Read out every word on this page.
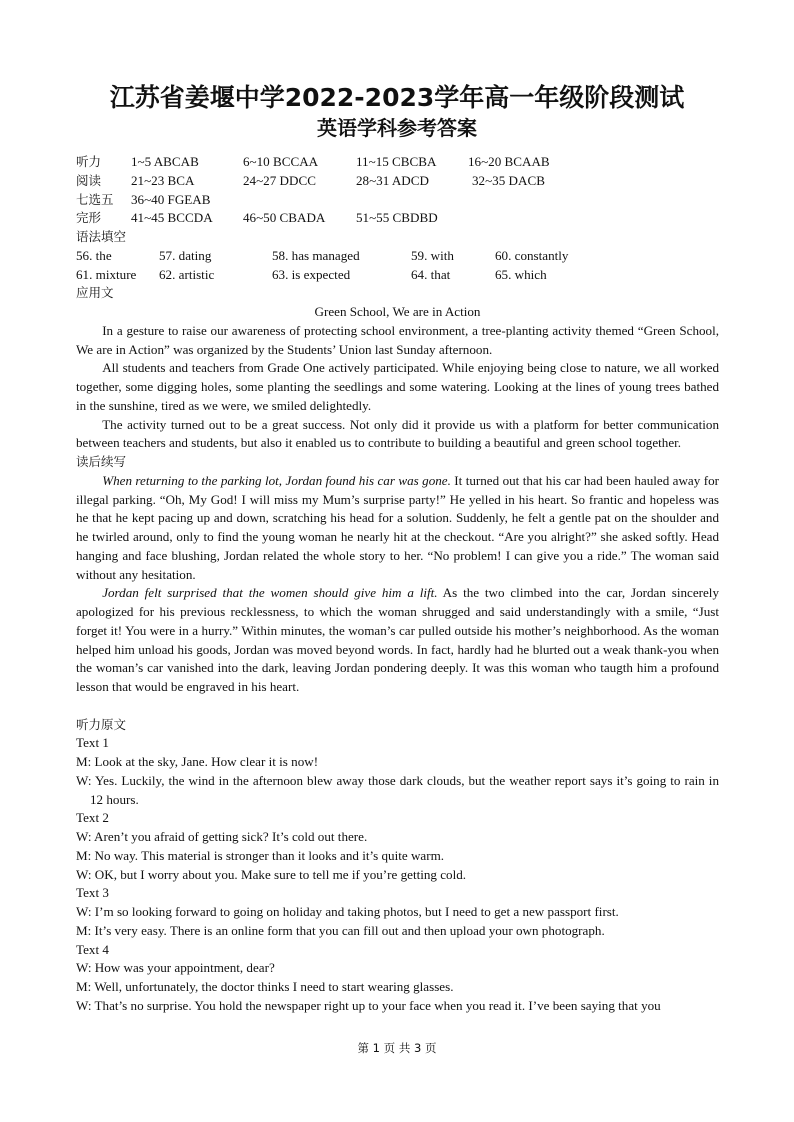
江苏省姜堰中学2022-2023学年高一年级阶段测试
英语学科参考答案
听力	1~5 ABCAB	6~10 BCCAA	11~15 CBCBA	16~20 BCAAB
阅读	21~23 BCA	24~27 DDCC	28~31 ADCD	32~35 DACB
七选五	36~40 FGEAB
完形	41~45 BCCDA	46~50 CBADA	51~55 CBDBD
语法填空
56. the	57. dating	58. has managed	59. with	60. constantly
61. mixture	62. artistic	63. is expected	64. that	65. which
应用文

Green School, We are in Action

In a gesture to raise our awareness of protecting school environment, a tree-planting activity themed “Green School, We are in Action” was organized by the Students’ Union last Sunday afternoon.

All students and teachers from Grade One actively participated. While enjoying being close to nature, we all worked together, some digging holes, some planting the seedlings and some watering. Looking at the lines of young trees bathed in the sunshine, tired as we were, we smiled delightedly.

The activity turned out to be a great success. Not only did it provide us with a platform for better communication between teachers and students, but also it enabled us to contribute to building a beautiful and green school together.

读后续写

When returning to the parking lot, Jordan found his car was gone. It turned out that his car had been hauled away for illegal parking. “Oh, My God! I will miss my Mum’s surprise party!” He yelled in his heart. So frantic and hopeless was he that he kept pacing up and down, scratching his head for a solution. Suddenly, he felt a gentle pat on the shoulder and he twirled around, only to find the young woman he nearly hit at the checkout. “Are you alright?” she asked softly. Head hanging and face blushing, Jordan related the whole story to her. “No problem! I can give you a ride.” The woman said without any hesitation.

Jordan felt surprised that the women should give him a lift. As the two climbed into the car, Jordan sincerely apologized for his previous recklessness, to which the woman shrugged and said understandingly with a smile, “Just forget it! You were in a hurry.” Within minutes, the woman’s car pulled outside his mother’s neighborhood. As the woman helped him unload his goods, Jordan was moved beyond words. In fact, hardly had he blurted out a weak thank-you when the woman’s car vanished into the dark, leaving Jordan pondering deeply. It was this woman who taugth him a profound lesson that would be engraved in his heart.

听力原文

Text 1

M: Look at the sky, Jane. How clear it is now!

W: Yes. Luckily, the wind in the afternoon blew away those dark clouds, but the weather report says it’s going to rain in 12 hours.

Text 2

W: Aren’t you afraid of getting sick? It’s cold out there.

M: No way. This material is stronger than it looks and it’s quite warm.

W: OK, but I worry about you. Make sure to tell me if you’re getting cold.

Text 3

W: I’m so looking forward to going on holiday and taking photos, but I need to get a new passport first.

M: It’s very easy. There is an online form that you can fill out and then upload your own photograph.

Text 4

W: How was your appointment, dear?

M: Well, unfortunately, the doctor thinks I need to start wearing glasses.

W: That’s no surprise. You hold the newspaper right up to your face when you read it. I’ve been saying that you

第 1 页 共 3 页
